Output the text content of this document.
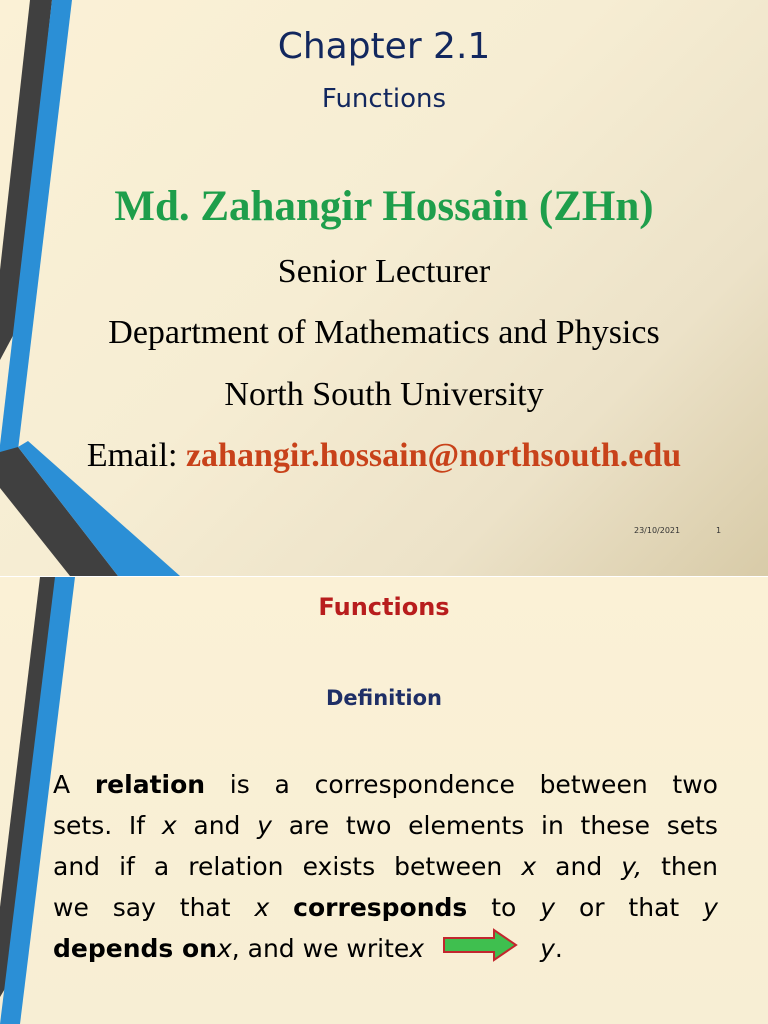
Chapter 2.1
Functions
Md. Zahangir Hossain (ZHn)
Senior Lecturer
Department of Mathematics and Physics
North South University
Email: zahangir.hossain@northsouth.edu
23/10/2021	1
Functions
Definition
A relation is a correspondence between two
sets. If x and y are two elements in these sets
and if a relation exists between x and y, then
we say that x corresponds to y or that y
depends on x , and we write x	y .
